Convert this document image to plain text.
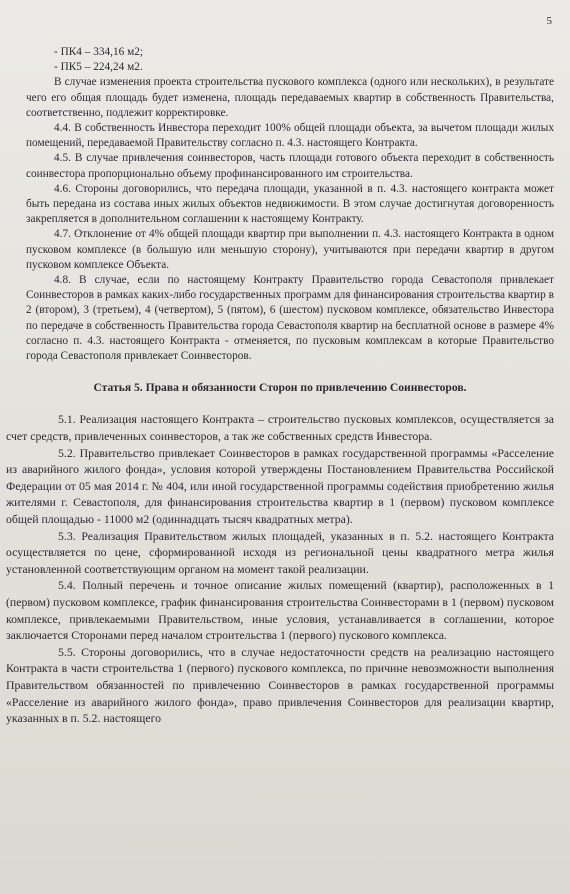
5

- ПК4 – 334,16 м2;

- ПК5 – 224,24 м2.

В случае изменения проекта строительства пускового комплекса (одного или нескольких), в результате чего его общая площадь будет изменена, площадь передаваемых квартир в собственность Правительства, соответственно, подлежит корректировке.

4.4. В собственность Инвестора переходит 100% общей площади объекта, за вычетом площади жилых помещений, передаваемой Правительству согласно п. 4.3. настоящего Контракта.

4.5. В случае привлечения соинвесторов, часть площади готового объекта переходит в собственность соинвестора пропорционально объему профинансированного им строительства.

4.6. Стороны договорились, что передача площади, указанной в п. 4.3. настоящего контракта может быть передана из состава иных жилых объектов недвижимости. В этом случае достигнутая договоренность закрепляется в дополнительном соглашении к настоящему Контракту.

4.7. Отклонение от 4% общей площади квартир при выполнении п. 4.3. настоящего Контракта в одном пусковом комплексе (в большую или меньшую сторону), учитываются при передачи квартир в другом пусковом комплексе Объекта.

4.8. В случае, если по настоящему Контракту Правительство города Севастополя привлекает Соинвесторов в рамках каких-либо государственных программ для финансирования строительства квартир в 2 (втором), 3 (третьем), 4 (четвертом), 5 (пятом), 6 (шестом) пусковом комплексе, обязательство Инвестора по передаче в собственность Правительства города Севастополя квартир на бесплатной основе в размере 4% согласно п. 4.3. настоящего Контракта - отменяется, по пусковым комплексам в которые Правительство города Севастополя привлекает Соинвесторов.

Статья 5. Права и обязанности Сторон по привлечению Соинвесторов.

5.1. Реализация настоящего Контракта – строительство пусковых комплексов, осуществляется за счет средств, привлеченных соинвесторов, а так же собственных средств Инвестора.

5.2. Правительство привлекает Соинвесторов в рамках государственной программы «Расселение из аварийного жилого фонда», условия которой утверждены Постановлением Правительства Российской Федерации от 05 мая 2014 г. № 404, или иной государственной программы содействия приобретению жилья жителями г. Севастополя, для финансирования строительства квартир в 1 (первом) пусковом комплексе общей площадью - 11000 м2 (одиннадцать тысяч квадратных метра).

5.3. Реализация Правительством жилых площадей, указанных в п. 5.2. настоящего Контракта осуществляется по цене, сформированной исходя из региональной цены квадратного метра жилья установленной соответствующим органом на момент такой реализации.

5.4. Полный перечень и точное описание жилых помещений (квартир), расположенных в 1 (первом) пусковом комплексе, график финансирования строительства Соинвесторами в 1 (первом) пусковом комплексе, привлекаемыми Правительством, иные условия, устанавливается в соглашении, которое заключается Сторонами перед началом строительства 1 (первого) пускового комплекса.

5.5. Стороны договорились, что в случае недостаточности средств на реализацию настоящего Контракта в части строительства 1 (первого) пускового комплекса, по причине невозможности выполнения Правительством обязанностей по привлечению Соинвесторов в рамках государственной программы «Расселение из аварийного жилого фонда», право привлечения Соинвесторов для реализации квартир, указанных в п. 5.2. настоящего
